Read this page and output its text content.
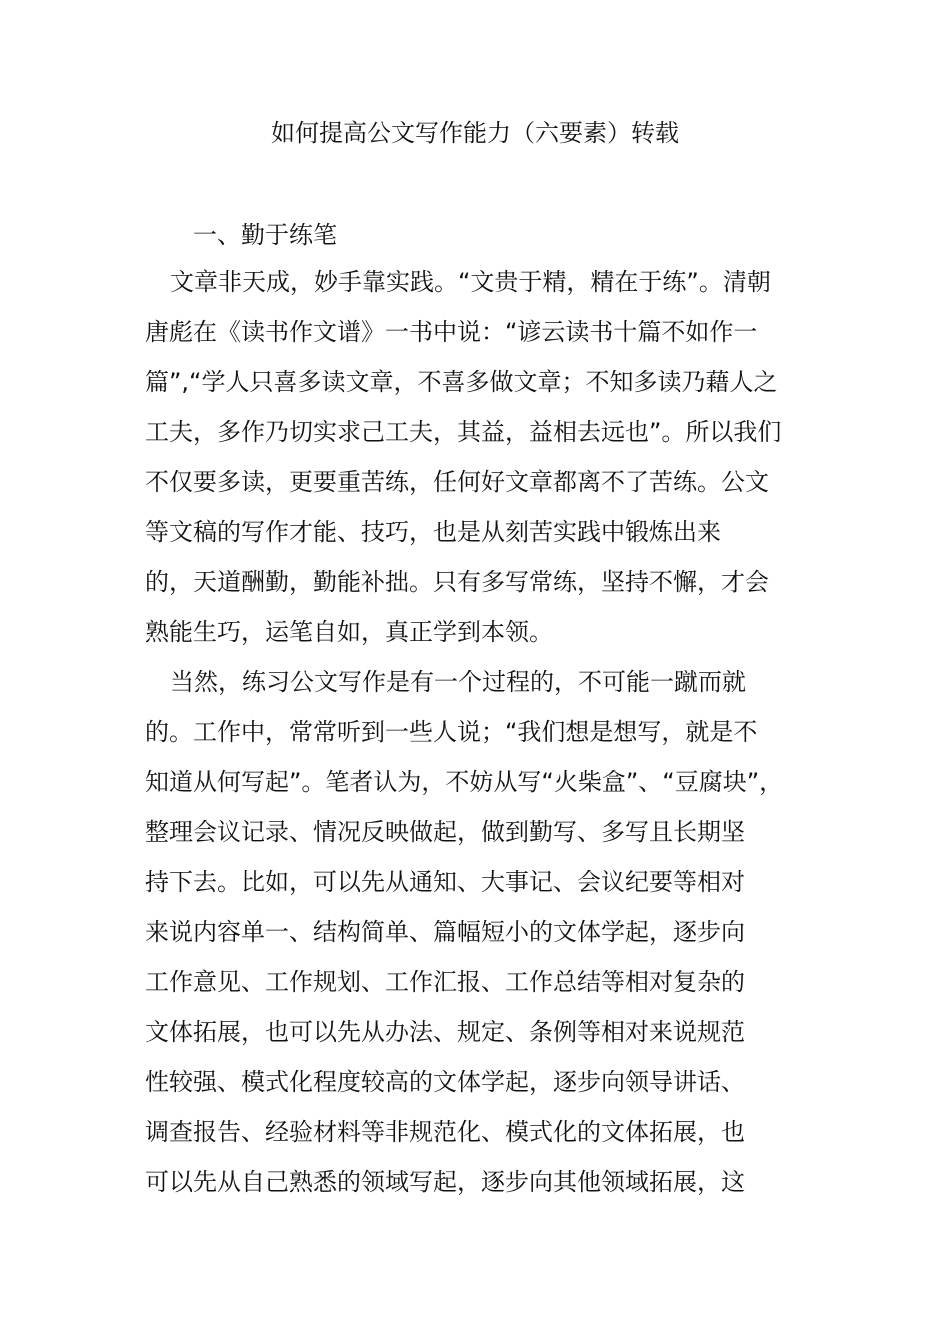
如何提高公文写作能力（六要素）转载
一、勤于练笔
文章非天成，妙手靠实践。“文贵于精，精在于练”。清朝
唐彪在《读书作文谱》一书中说：“谚云读书十篇不如作一
篇”,“学人只喜多读文章，不喜多做文章；不知多读乃藉人之
工夫，多作乃切实求己工夫，其益，益相去远也”。所以我们
不仅要多读，更要重苦练，任何好文章都离不了苦练。公文
等文稿的写作才能、技巧，也是从刻苦实践中锻炼出来
的，天道酬勤，勤能补拙。只有多写常练，坚持不懈，才会
熟能生巧，运笔自如，真正学到本领。
当然，练习公文写作是有一个过程的，不可能一蹴而就
的。工作中，常常听到一些人说；“我们想是想写，就是不
知道从何写起”。笔者认为，不妨从写“火柴盒”、“豆腐块”，
整理会议记录、情况反映做起，做到勤写、多写且长期坚
持下去。比如，可以先从通知、大事记、会议纪要等相对
来说内容单一、结构简单、篇幅短小的文体学起，逐步向
工作意见、工作规划、工作汇报、工作总结等相对复杂的
文体拓展，也可以先从办法、规定、条例等相对来说规范
性较强、模式化程度较高的文体学起，逐步向领导讲话、
调查报告、经验材料等非规范化、模式化的文体拓展，也
可以先从自己熟悉的领域写起，逐步向其他领域拓展，这
